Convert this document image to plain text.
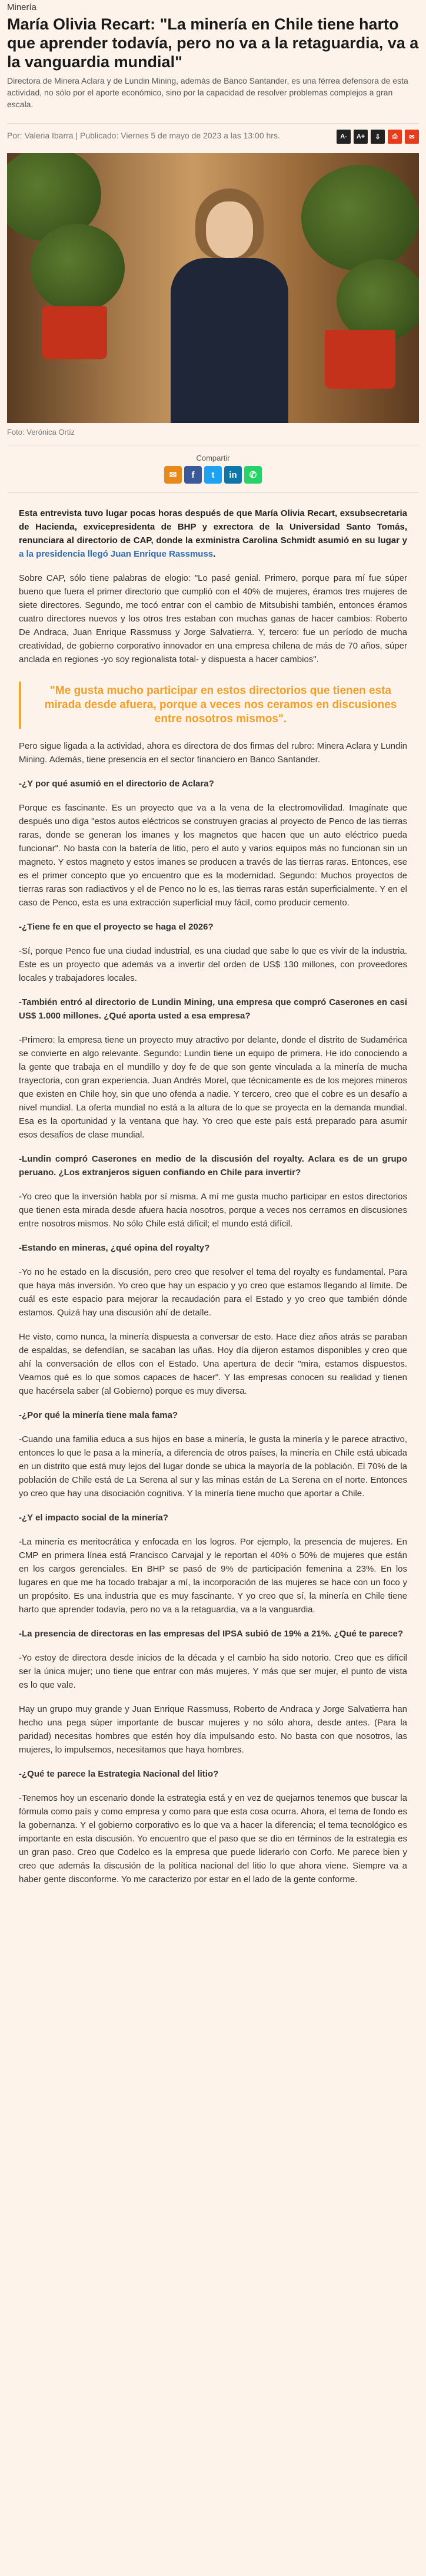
Minería
María Olivia Recart: "La minería en Chile tiene harto que aprender todavía, pero no va a la retaguardia, va a la vanguardia mundial"
Directora de Minera Aclara y de Lundin Mining, además de Banco Santander, es una férrea defensora de esta actividad, no sólo por el aporte económico, sino por la capacidad de resolver problemas complejos a gran escala.
Por: Valeria Ibarra | Publicado: Viernes 5 de mayo de 2023 a las 13:00 hrs.	A-	A+	⇩	⎙	✉
Foto: Verónica Ortiz
Compartir
✉	f	t	in	✆

Esta entrevista tuvo lugar pocas horas después de que María Olivia Recart, exsubsecretaria de Hacienda, exvicepresidenta de BHP y exrectora de la Universidad Santo Tomás, renunciara al directorio de CAP, donde la exministra Carolina Schmidt asumió en su lugar y a la presidencia llegó Juan Enrique Rassmuss.

Sobre CAP, sólo tiene palabras de elogio: "Lo pasé genial. Primero, porque para mí fue súper bueno que fuera el primer directorio que cumplió con el 40% de mujeres, éramos tres mujeres de siete directores. Segundo, me tocó entrar con el cambio de Mitsubishi también, entonces éramos cuatro directores nuevos y los otros tres estaban con muchas ganas de hacer cambios: Roberto De Andraca, Juan Enrique Rassmuss y Jorge Salvatierra. Y, tercero: fue un período de mucha creatividad, de gobierno corporativo innovador en una empresa chilena de más de 70 años, súper anclada en regiones -yo soy regionalista total- y dispuesta a hacer cambios".

"Me gusta mucho participar en estos directorios que tienen esta mirada desde afuera, porque a veces nos ceramos en discusiones entre nosotros mismos".

Pero sigue ligada a la actividad, ahora es directora de dos firmas del rubro: Minera Aclara y Lundin Mining. Además, tiene presencia en el sector financiero en Banco Santander.

-¿Y por qué asumió en el directorio de Aclara?

Porque es fascinante. Es un proyecto que va a la vena de la electromovilidad. Imagínate que después uno diga "estos autos eléctricos se construyen gracias al proyecto de Penco de las tierras raras, donde se generan los imanes y los magnetos que hacen que un auto eléctrico pueda funcionar". No basta con la batería de litio, pero el auto y varios equipos más no funcionan sin un magneto. Y estos magneto y estos imanes se producen a través de las tierras raras. Entonces, ese es el primer concepto que yo encuentro que es la modernidad. Segundo: Muchos proyectos de tierras raras son radiactivos y el de Penco no lo es, las tierras raras están superficialmente. Y en el caso de Penco, esta es una extracción superficial muy fácil, como producir cemento.

-¿Tiene fe en que el proyecto se haga el 2026?

-Sí, porque Penco fue una ciudad industrial, es una ciudad que sabe lo que es vivir de la industria. Este es un proyecto que además va a invertir del orden de US$ 130 millones, con proveedores locales y trabajadores locales.

-También entró al directorio de Lundin Mining, una empresa que compró Caserones en casi US$ 1.000 millones. ¿Qué aporta usted a esa empresa?

-Primero: la empresa tiene un proyecto muy atractivo por delante, donde el distrito de Sudamérica se convierte en algo relevante. Segundo: Lundin tiene un equipo de primera. He ido conociendo a la gente que trabaja en el mundillo y doy fe de que son gente vinculada a la minería de mucha trayectoria, con gran experiencia. Juan Andrés Morel, que técnicamente es de los mejores mineros que existen en Chile hoy, sin que uno ofenda a nadie. Y tercero, creo que el cobre es un desafío a nivel mundial. La oferta mundial no está a la altura de lo que se proyecta en la demanda mundial. Esa es la oportunidad y la ventana que hay. Yo creo que este país está preparado para asumir esos desafíos de clase mundial.

-Lundin compró Caserones en medio de la discusión del royalty. Aclara es de un grupo peruano. ¿Los extranjeros siguen confiando en Chile para invertir?

-Yo creo que la inversión habla por sí misma. A mí me gusta mucho participar en estos directorios que tienen esta mirada desde afuera hacia nosotros, porque a veces nos cerramos en discusiones entre nosotros mismos. No sólo Chile está difícil; el mundo está difícil.

-Estando en mineras, ¿qué opina del royalty?

-Yo no he estado en la discusión, pero creo que resolver el tema del royalty es fundamental. Para que haya más inversión. Yo creo que hay un espacio y yo creo que estamos llegando al límite. De cuál es este espacio para mejorar la recaudación para el Estado y yo creo que también dónde estamos. Quizá hay una discusión ahí de detalle.

He visto, como nunca, la minería dispuesta a conversar de esto. Hace diez años atrás se paraban de espaldas, se defendían, se sacaban las uñas. Hoy día dijeron estamos disponibles y creo que ahí la conversación de ellos con el Estado. Una apertura de decir "mira, estamos dispuestos. Veamos qué es lo que somos capaces de hacer". Y las empresas conocen su realidad y tienen que hacérsela saber (al Gobierno) porque es muy diversa.

-¿Por qué la minería tiene mala fama?

-Cuando una familia educa a sus hijos en base a minería, le gusta la minería y le parece atractivo, entonces lo que le pasa a la minería, a diferencia de otros países, la minería en Chile está ubicada en un distrito que está muy lejos del lugar donde se ubica la mayoría de la población. El 70% de la población de Chile está de La Serena al sur y las minas están de La Serena en el norte. Entonces yo creo que hay una disociación cognitiva. Y la minería tiene mucho que aportar a Chile.

-¿Y el impacto social de la minería?

-La minería es meritocrática y enfocada en los logros. Por ejemplo, la presencia de mujeres. En CMP en primera línea está Francisco Carvajal y le reportan el 40% o 50% de mujeres que están en los cargos gerenciales. En BHP se pasó de 9% de participación femenina a 23%. En los lugares en que me ha tocado trabajar a mí, la incorporación de las mujeres se hace con un foco y un propósito. Es una industria que es muy fascinante. Y yo creo que sí, la minería en Chile tiene harto que aprender todavía, pero no va a la retaguardia, va a la vanguardia.

-La presencia de directoras en las empresas del IPSA subió de 19% a 21%. ¿Qué te parece?

-Yo estoy de directora desde inicios de la década y el cambio ha sido notorio. Creo que es difícil ser la única mujer; uno tiene que entrar con más mujeres. Y más que ser mujer, el punto de vista es lo que vale.

Hay un grupo muy grande y Juan Enrique Rassmuss, Roberto de Andraca y Jorge Salvatierra han hecho una pega súper importante de buscar mujeres y no sólo ahora, desde antes. (Para la paridad) necesitas hombres que estén hoy día impulsando esto. No basta con que nosotros, las mujeres, lo impulsemos, necesitamos que haya hombres.

-¿Qué te parece la Estrategia Nacional del litio?

-Tenemos hoy un escenario donde la estrategia está y en vez de quejarnos tenemos que buscar la fórmula como país y como empresa y como para que esta cosa ocurra. Ahora, el tema de fondo es la gobernanza. Y el gobierno corporativo es lo que va a hacer la diferencia; el tema tecnológico es importante en esta discusión. Yo encuentro que el paso que se dio en términos de la estrategia es un gran paso. Creo que Codelco es la empresa que puede liderarlo con Corfo. Me parece bien y creo que además la discusión de la política nacional del litio lo que ahora viene. Siempre va a haber gente disconforme. Yo me caracterizo por estar en el lado de la gente conforme.
